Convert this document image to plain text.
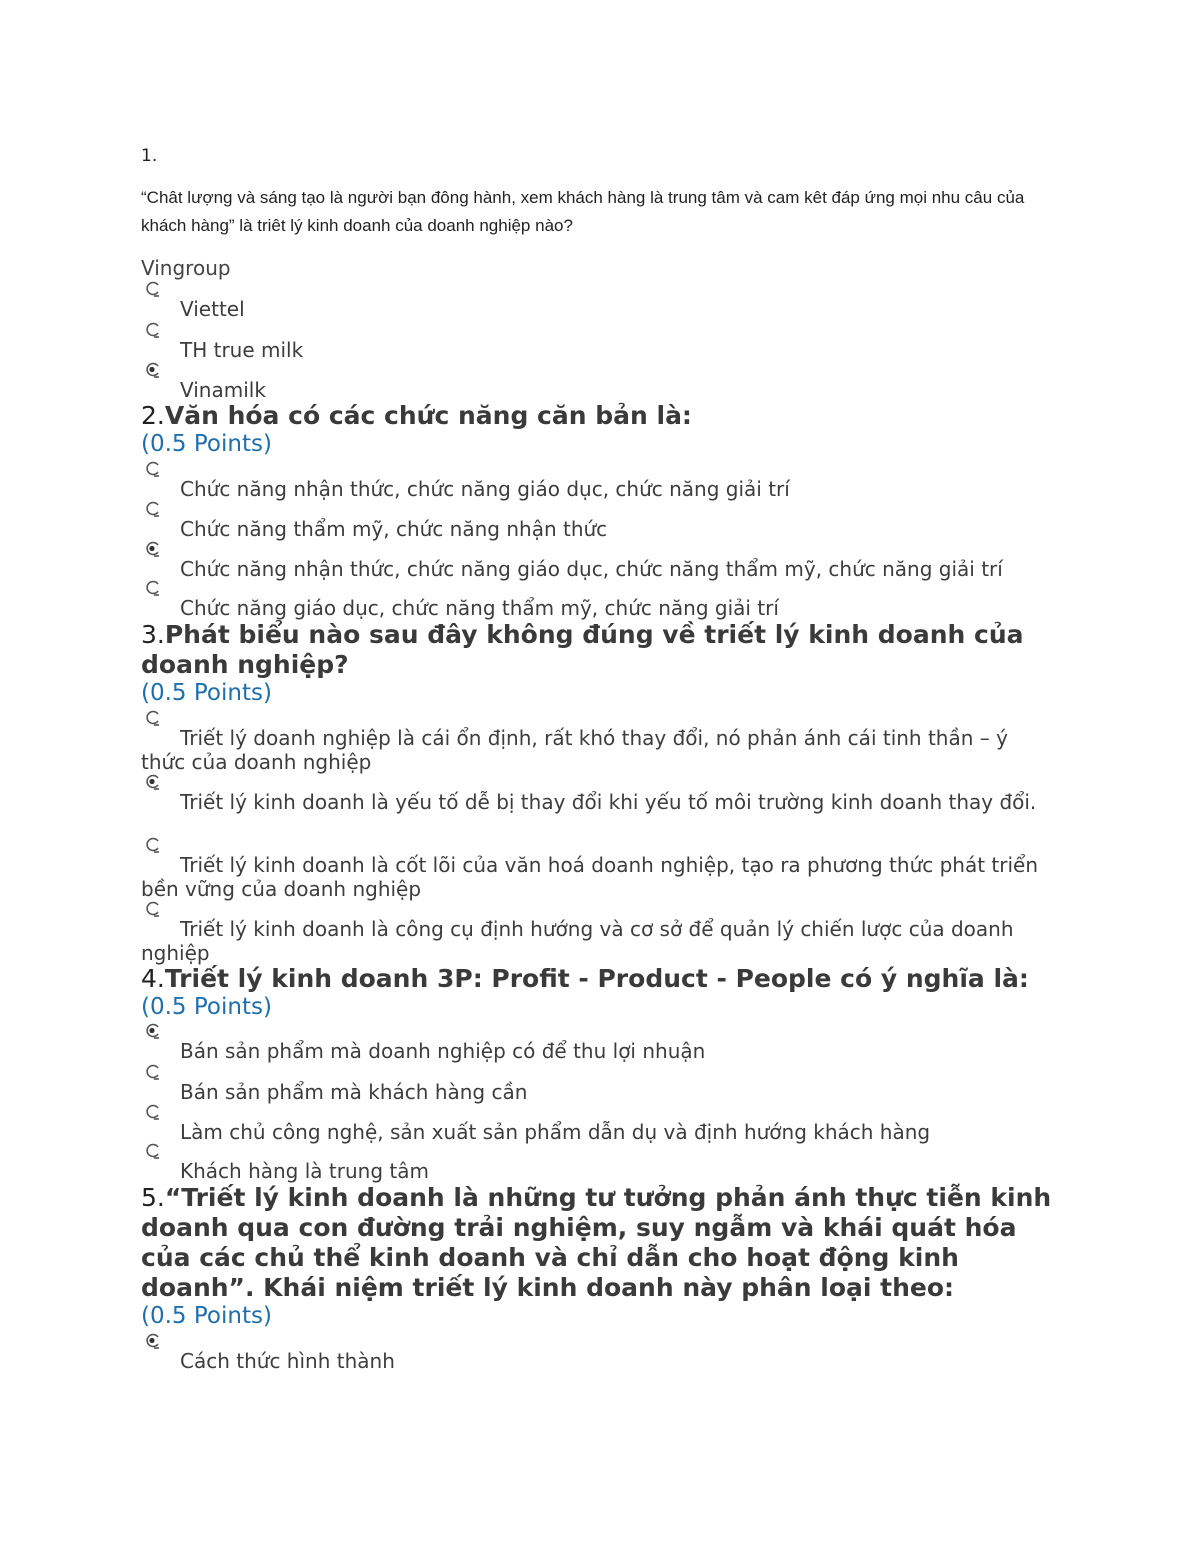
1.
“Chât lượng và sáng tạo là người bạn đông hành, xem khách hàng là trung tâm và cam kêt đáp ứng mọi nhu câu của khách hàng” là triêt lý kinh doanh của doanh nghiệp nào?
Vingroup
Viettel
TH true milk
Vinamilk
2.Văn hóa có các chức năng căn bản là:
(0.5 Points)
Chức năng nhận thức, chức năng giáo dục, chức năng giải trí
Chức năng thẩm mỹ, chức năng nhận thức
Chức năng nhận thức, chức năng giáo dục, chức năng thẩm mỹ, chức năng giải trí
Chức năng giáo dục, chức năng thẩm mỹ, chức năng giải trí
3.Phát biểu nào sau đây không đúng về triết lý kinh doanh của doanh nghiệp?
(0.5 Points)
Triết lý doanh nghiệp là cái ổn định, rất khó thay đổi, nó phản ánh cái tinh thần – ý thức của doanh nghiệp
Triết lý kinh doanh là yếu tố dễ bị thay đổi khi yếu tố môi trường kinh doanh thay đổi.
Triết lý kinh doanh là cốt lõi của văn hoá doanh nghiệp, tạo ra phương thức phát triển bền vững của doanh nghiệp
Triết lý kinh doanh là công cụ định hướng và cơ sở để quản lý chiến lược của doanh nghiệp
4.Triết lý kinh doanh 3P: Profit - Product - People có ý nghĩa là:
(0.5 Points)
Bán sản phẩm mà doanh nghiệp có để thu lợi nhuận
Bán sản phẩm mà khách hàng cần
Làm chủ công nghệ, sản xuất sản phẩm dẫn dụ và định hướng khách hàng
Khách hàng là trung tâm
5.“Triết lý kinh doanh là những tư tưởng phản ánh thực tiễn kinh doanh qua con đường trải nghiệm, suy ngẫm và khái quát hóa của các chủ thể kinh doanh và chỉ dẫn cho hoạt động kinh doanh”. Khái niệm triết lý kinh doanh này phân loại theo:
(0.5 Points)
Cách thức hình thành
